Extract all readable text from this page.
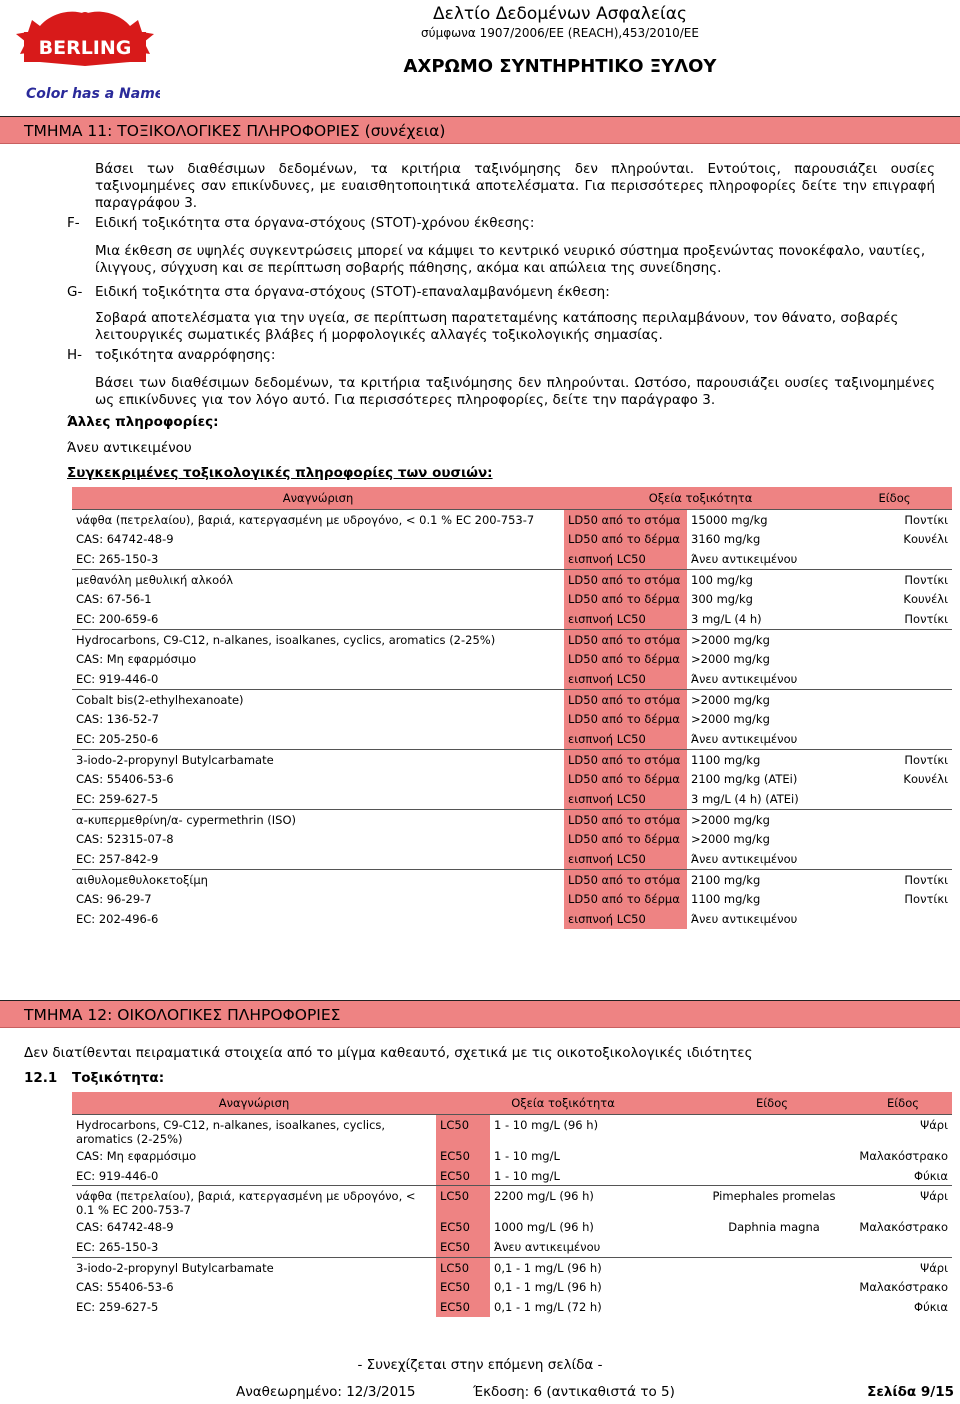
BERLING
Color has a Name!
Δελτίο Δεδομένων Ασφαλείας
σύμφωνα 1907/2006/ΕΕ (REACH),453/2010/ΕΕ
ΑΧΡΩΜΟ ΣΥΝΤΗΡΗΤΙΚΟ ΞΥΛΟΥ
ΤΜΗΜΑ 11: ΤΟΞΙΚΟΛΟΓΙΚΕΣ ΠΛΗΡΟΦΟΡΙΕΣ (συνέχεια)
Βάσει των διαθέσιμων δεδομένων, τα κριτήρια ταξινόμησης δεν πληρούνται. Εντούτοις, παρουσιάζει ουσίες ταξινομημένες σαν επικίνδυνες, με ευαισθητοποιητικά αποτελέσματα. Για περισσότερες πληροφορίες δείτε την επιγραφή παραγράφου 3.
F- Ειδική τοξικότητα στα όργανα-στόχους (STOT)-χρόνου έκθεσης:
Μια έκθεση σε υψηλές συγκεντρώσεις μπορεί να κάμψει το κεντρικό νευρικό σύστημα προξενώντας πονοκέφαλο, ναυτίες, ίλιγγους, σύγχυση και σε περίπτωση σοβαρής πάθησης, ακόμα και απώλεια της συνείδησης.
G- Ειδική τοξικότητα στα όργανα-στόχους (STOT)-επαναλαμβανόμενη έκθεση:
Σοβαρά αποτελέσματα για την υγεία, σε περίπτωση παρατεταμένης κατάποσης περιλαμβάνουν, τον θάνατο, σοβαρές λειτουργικές σωματικές βλάβες ή μορφολογικές αλλαγές τοξικολογικής σημασίας.
H- τοξικότητα αναρρόφησης:
Βάσει των διαθέσιμων δεδομένων, τα κριτήρια ταξινόμησης δεν πληρούνται. Ωστόσο, παρουσιάζει ουσίες ταξινομημένες ως επικίνδυνες για τον λόγο αυτό. Για περισσότερες πληροφορίες, δείτε την παράγραφο 3.
Άλλες πληροφορίες:
Άνευ αντικειμένου
Συγκεκριμένες τοξικολογικές πληροφορίες των ουσιών:
Αναγνώριση	Οξεία τοξικότητα		Είδος
νάφθα (πετρελαίου), βαριά, κατεργασμένη με υδρογόνο, < 0.1 % EC 200-753-7	LD50 από το στόμα	15000 mg/kg	Ποντίκι
CAS: 64742-48-9	LD50 από το δέρμα	3160 mg/kg	Κουνέλι
EC: 265-150-3	εισπνοή LC50	Άνευ αντικειμένου	
μεθανόλη μεθυλική αλκοόλ	LD50 από το στόμα	100 mg/kg	Ποντίκι
CAS: 67-56-1	LD50 από το δέρμα	300 mg/kg	Κουνέλι
EC: 200-659-6	εισπνοή LC50	3 mg/L (4 h)	Ποντίκι
Hydrocarbons, C9-C12, n-alkanes, isoalkanes, cyclics, aromatics (2-25%)	LD50 από το στόμα	>2000 mg/kg	
CAS: Μη εφαρμόσιμο	LD50 από το δέρμα	>2000 mg/kg	
EC: 919-446-0	εισπνοή LC50	Άνευ αντικειμένου	
Cobalt bis(2-ethylhexanoate)	LD50 από το στόμα	>2000 mg/kg	
CAS: 136-52-7	LD50 από το δέρμα	>2000 mg/kg	
EC: 205-250-6	εισπνοή LC50	Άνευ αντικειμένου	
3-iodo-2-propynyl Butylcarbamate	LD50 από το στόμα	1100 mg/kg	Ποντίκι
CAS: 55406-53-6	LD50 από το δέρμα	2100 mg/kg (ATEi)	Κουνέλι
EC: 259-627-5	εισπνοή LC50	3 mg/L (4 h) (ATEi)	
α-κυπερμεθρίνη/α- cypermethrin (ISO)	LD50 από το στόμα	>2000 mg/kg	
CAS: 52315-07-8	LD50 από το δέρμα	>2000 mg/kg	
EC: 257-842-9	εισπνοή LC50	Άνευ αντικειμένου	
αιθυλομεθυλοκετοξίμη	LD50 από το στόμα	2100 mg/kg	Ποντίκι
CAS: 96-29-7	LD50 από το δέρμα	1100 mg/kg	Ποντίκι
EC: 202-496-6	εισπνοή LC50	Άνευ αντικειμένου	
ΤΜΗΜΑ 12: ΟΙΚΟΛΟΓΙΚΕΣ ΠΛΗΡΟΦΟΡΙΕΣ
Δεν διατίθενται πειραματικά στοιχεία από το μίγμα καθεαυτό, σχετικά με τις οικοτοξικολογικές ιδιότητες
12.1 Τοξικότητα:
Αναγνώριση	Οξεία τοξικότητα		Είδος	Είδος
Hydrocarbons, C9-C12, n-alkanes, isoalkanes, cyclics, aromatics (2-25%)	LC50	1 - 10 mg/L (96 h)		Ψάρι
CAS: Μη εφαρμόσιμο	EC50	1 - 10 mg/L		Μαλακόστρακο
EC: 919-446-0	EC50	1 - 10 mg/L		Φύκια
νάφθα (πετρελαίου), βαριά, κατεργασμένη με υδρογόνο, < 0.1 % EC 200-753-7	LC50	2200 mg/L (96 h)	Pimephales promelas	Ψάρι
CAS: 64742-48-9	EC50	1000 mg/L (96 h)	Daphnia magna	Μαλακόστρακο
EC: 265-150-3	EC50	Άνευ αντικειμένου		
3-iodo-2-propynyl Butylcarbamate	LC50	0,1 - 1 mg/L (96 h)		Ψάρι
CAS: 55406-53-6	EC50	0,1 - 1 mg/L (96 h)		Μαλακόστρακο
EC: 259-627-5	EC50	0,1 - 1 mg/L (72 h)		Φύκια
- Συνεχίζεται στην επόμενη σελίδα -
Αναθεωρημένο: 12/3/2015	Έκδοση: 6 (αντικαθιστά το 5)	Σελίδα 9/15
